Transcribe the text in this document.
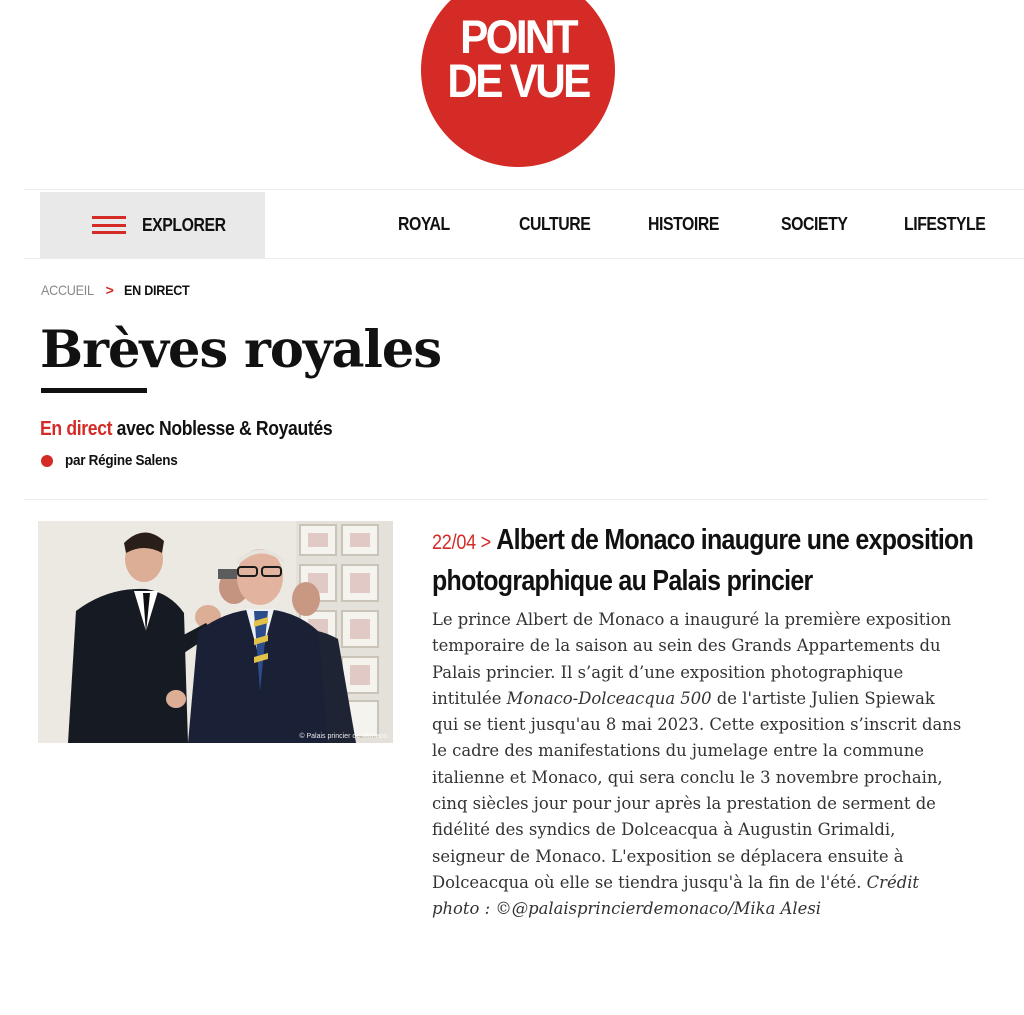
POINT
DE VUE
EXPLORER	ROYAL	CULTURE	HISTOIRE	SOCIETY	LIFESTYLE
ACCUEIL > EN DIRECT
Brèves royales
En direct avec Noblesse & Royautés
par Régine Salens
© Palais princier de Monaco
22/04 > Albert de Monaco inaugure une exposition photographique au Palais princier

Le prince Albert de Monaco a inauguré la première exposition temporaire de la saison au sein des Grands Appartements du Palais princier. Il s’agit d’une exposition photographique intitulée Monaco-Dolceacqua 500 de l'artiste Julien Spiewak qui se tient jusqu'au 8 mai 2023. Cette exposition s’inscrit dans le cadre des manifestations du jumelage entre la commune italienne et Monaco, qui sera conclu le 3 novembre prochain, cinq siècles jour pour jour après la prestation de serment de fidélité des syndics de Dolceacqua à Augustin Grimaldi, seigneur de Monaco. L'exposition se déplacera ensuite à Dolceacqua où elle se tiendra jusqu'à la fin de l'été. Crédit photo : ©@palaisprincierdemonaco/Mika Alesi
